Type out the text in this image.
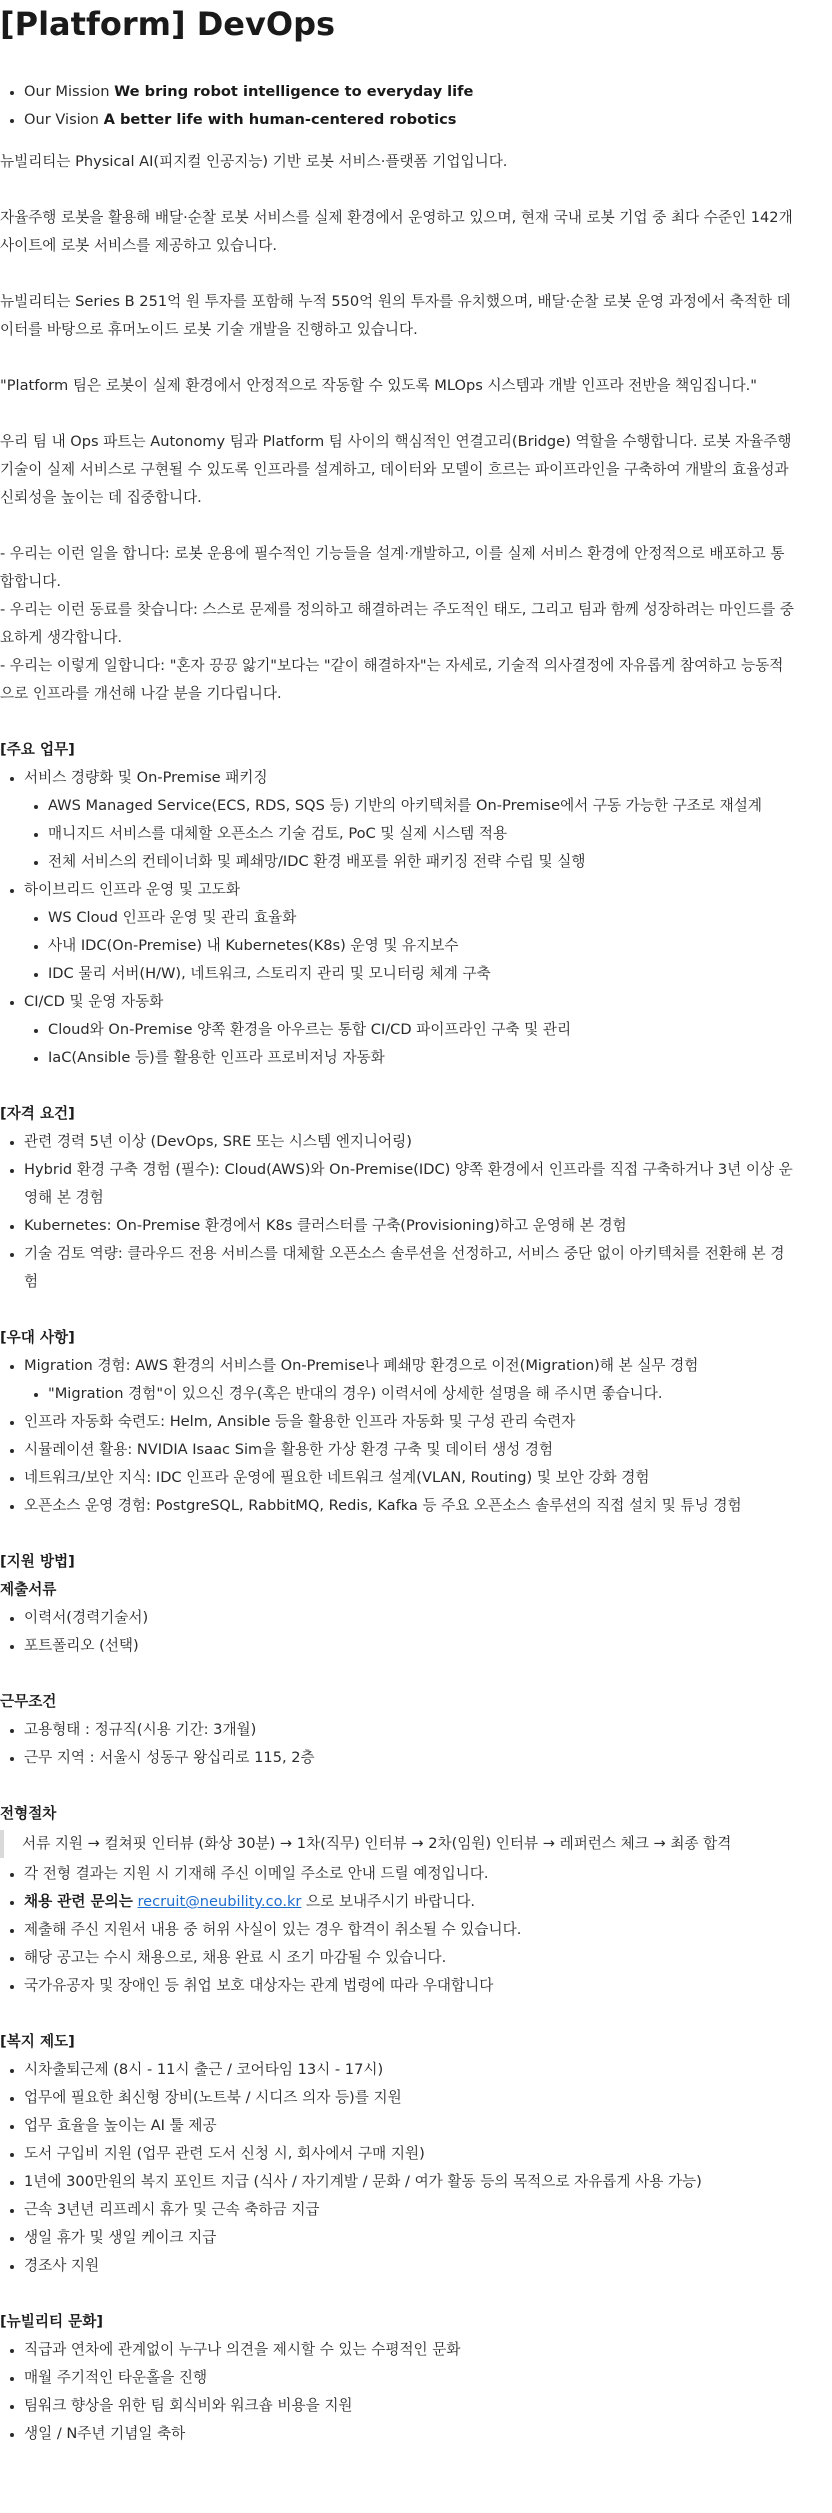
[Platform] DevOps
• Our Mission We bring robot intelligence to everyday life
• Our Vision A better life with human-centered robotics

뉴빌리티는 Physical AI(피지컬 인공지능) 기반 로봇 서비스·플랫폼 기업입니다.

자율주행 로봇을 활용해 배달·순찰 로봇 서비스를 실제 환경에서 운영하고 있으며, 현재 국내 로봇 기업 중 최다 수준인 142개 사이트에 로봇 서비스를 제공하고 있습니다.

뉴빌리티는 Series B 251억 원 투자를 포함해 누적 550억 원의 투자를 유치했으며, 배달·순찰 로봇 운영 과정에서 축적한 데이터를 바탕으로 휴머노이드 로봇 기술 개발을 진행하고 있습니다.

"Platform 팀은 로봇이 실제 환경에서 안정적으로 작동할 수 있도록 MLOps 시스템과 개발 인프라 전반을 책임집니다."

우리 팀 내 Ops 파트는 Autonomy 팀과 Platform 팀 사이의 핵심적인 연결고리(Bridge) 역할을 수행합니다. 로봇 자율주행 기술이 실제 서비스로 구현될 수 있도록 인프라를 설계하고, 데이터와 모델이 흐르는 파이프라인을 구축하여 개발의 효율성과 신뢰성을 높이는 데 집중합니다.

- 우리는 이런 일을 합니다: 로봇 운용에 필수적인 기능들을 설계·개발하고, 이를 실제 서비스 환경에 안정적으로 배포하고 통합합니다.

- 우리는 이런 동료를 찾습니다: 스스로 문제를 정의하고 해결하려는 주도적인 태도, 그리고 팀과 함께 성장하려는 마인드를 중요하게 생각합니다.

- 우리는 이렇게 일합니다: "혼자 끙끙 앓기"보다는 "같이 해결하자"는 자세로, 기술적 의사결정에 자유롭게 참여하고 능동적으로 인프라를 개선해 나갈 분을 기다립니다.

[주요 업무]

• 서비스 경량화 및 On-Premise 패키징
• AWS Managed Service(ECS, RDS, SQS 등) 기반의 아키텍처를 On-Premise에서 구동 가능한 구조로 재설계
• 매니지드 서비스를 대체할 오픈소스 기술 검토, PoC 및 실제 시스템 적용
• 전체 서비스의 컨테이너화 및 폐쇄망/IDC 환경 배포를 위한 패키징 전략 수립 및 실행
• 하이브리드 인프라 운영 및 고도화
• WS Cloud 인프라 운영 및 관리 효율화
• 사내 IDC(On-Premise) 내 Kubernetes(K8s) 운영 및 유지보수
• IDC 물리 서버(H/W), 네트워크, 스토리지 관리 및 모니터링 체계 구축
• CI/CD 및 운영 자동화
• Cloud와 On-Premise 양쪽 환경을 아우르는 통합 CI/CD 파이프라인 구축 및 관리
• IaC(Ansible 등)를 활용한 인프라 프로비저닝 자동화

[자격 요건]

• 관련 경력 5년 이상 (DevOps, SRE 또는 시스템 엔지니어링)
• Hybrid 환경 구축 경험 (필수): Cloud(AWS)와 On-Premise(IDC) 양쪽 환경에서 인프라를 직접 구축하거나 3년 이상 운영해 본 경험
• Kubernetes: On-Premise 환경에서 K8s 클러스터를 구축(Provisioning)하고 운영해 본 경험
• 기술 검토 역량: 클라우드 전용 서비스를 대체할 오픈소스 솔루션을 선정하고, 서비스 중단 없이 아키텍처를 전환해 본 경험

[우대 사항]

• Migration 경험: AWS 환경의 서비스를 On-Premise나 폐쇄망 환경으로 이전(Migration)해 본 실무 경험
• "Migration 경험"이 있으신 경우(혹은 반대의 경우) 이력서에 상세한 설명을 해 주시면 좋습니다.
• 인프라 자동화 숙련도: Helm, Ansible 등을 활용한 인프라 자동화 및 구성 관리 숙련자
• 시뮬레이션 활용: NVIDIA Isaac Sim을 활용한 가상 환경 구축 및 데이터 생성 경험
• 네트워크/보안 지식: IDC 인프라 운영에 필요한 네트워크 설계(VLAN, Routing) 및 보안 강화 경험
• 오픈소스 운영 경험: PostgreSQL, RabbitMQ, Redis, Kafka 등 주요 오픈소스 솔루션의 직접 설치 및 튜닝 경험

[지원 방법]

제출서류

• 이력서(경력기술서)
• 포트폴리오 (선택)

근무조건

• 고용형태 : 정규직(시용 기간: 3개월)
• 근무 지역 : 서울시 성동구 왕십리로 115, 2층

전형절차

서류 지원 → 컬쳐핏 인터뷰 (화상 30분) → 1차(직무) 인터뷰 → 2차(임원) 인터뷰 → 레퍼런스 체크 → 최종 합격
• 각 전형 결과는 지원 시 기재해 주신 이메일 주소로 안내 드릴 예정입니다.
• 채용 관련 문의는 recruit@neubility.co.kr 으로 보내주시기 바랍니다.
• 제출해 주신 지원서 내용 중 허위 사실이 있는 경우 합격이 취소될 수 있습니다.
• 해당 공고는 수시 채용으로, 채용 완료 시 조기 마감될 수 있습니다.
• 국가유공자 및 장애인 등 취업 보호 대상자는 관계 법령에 따라 우대합니다

[복지 제도]

• 시차출퇴근제 (8시 - 11시 출근 / 코어타임 13시 - 17시)
• 업무에 필요한 최신형 장비(노트북 / 시디즈 의자 등)를 지원
• 업무 효율을 높이는 AI 툴 제공
• 도서 구입비 지원 (업무 관련 도서 신청 시, 회사에서 구매 지원)
• 1년에 300만원의 복지 포인트 지급 (식사 / 자기계발 / 문화 / 여가 활동 등의 목적으로 자유롭게 사용 가능)
• 근속 3년년 리프레시 휴가 및 근속 축하금 지급
• 생일 휴가 및 생일 케이크 지급
• 경조사 지원

[뉴빌리티 문화]

• 직급과 연차에 관계없이 누구나 의견을 제시할 수 있는 수평적인 문화
• 매월 주기적인 타운홀을 진행
• 팀워크 향상을 위한 팀 회식비와 워크숍 비용을 지원
• 생일 / N주년 기념일 축하
